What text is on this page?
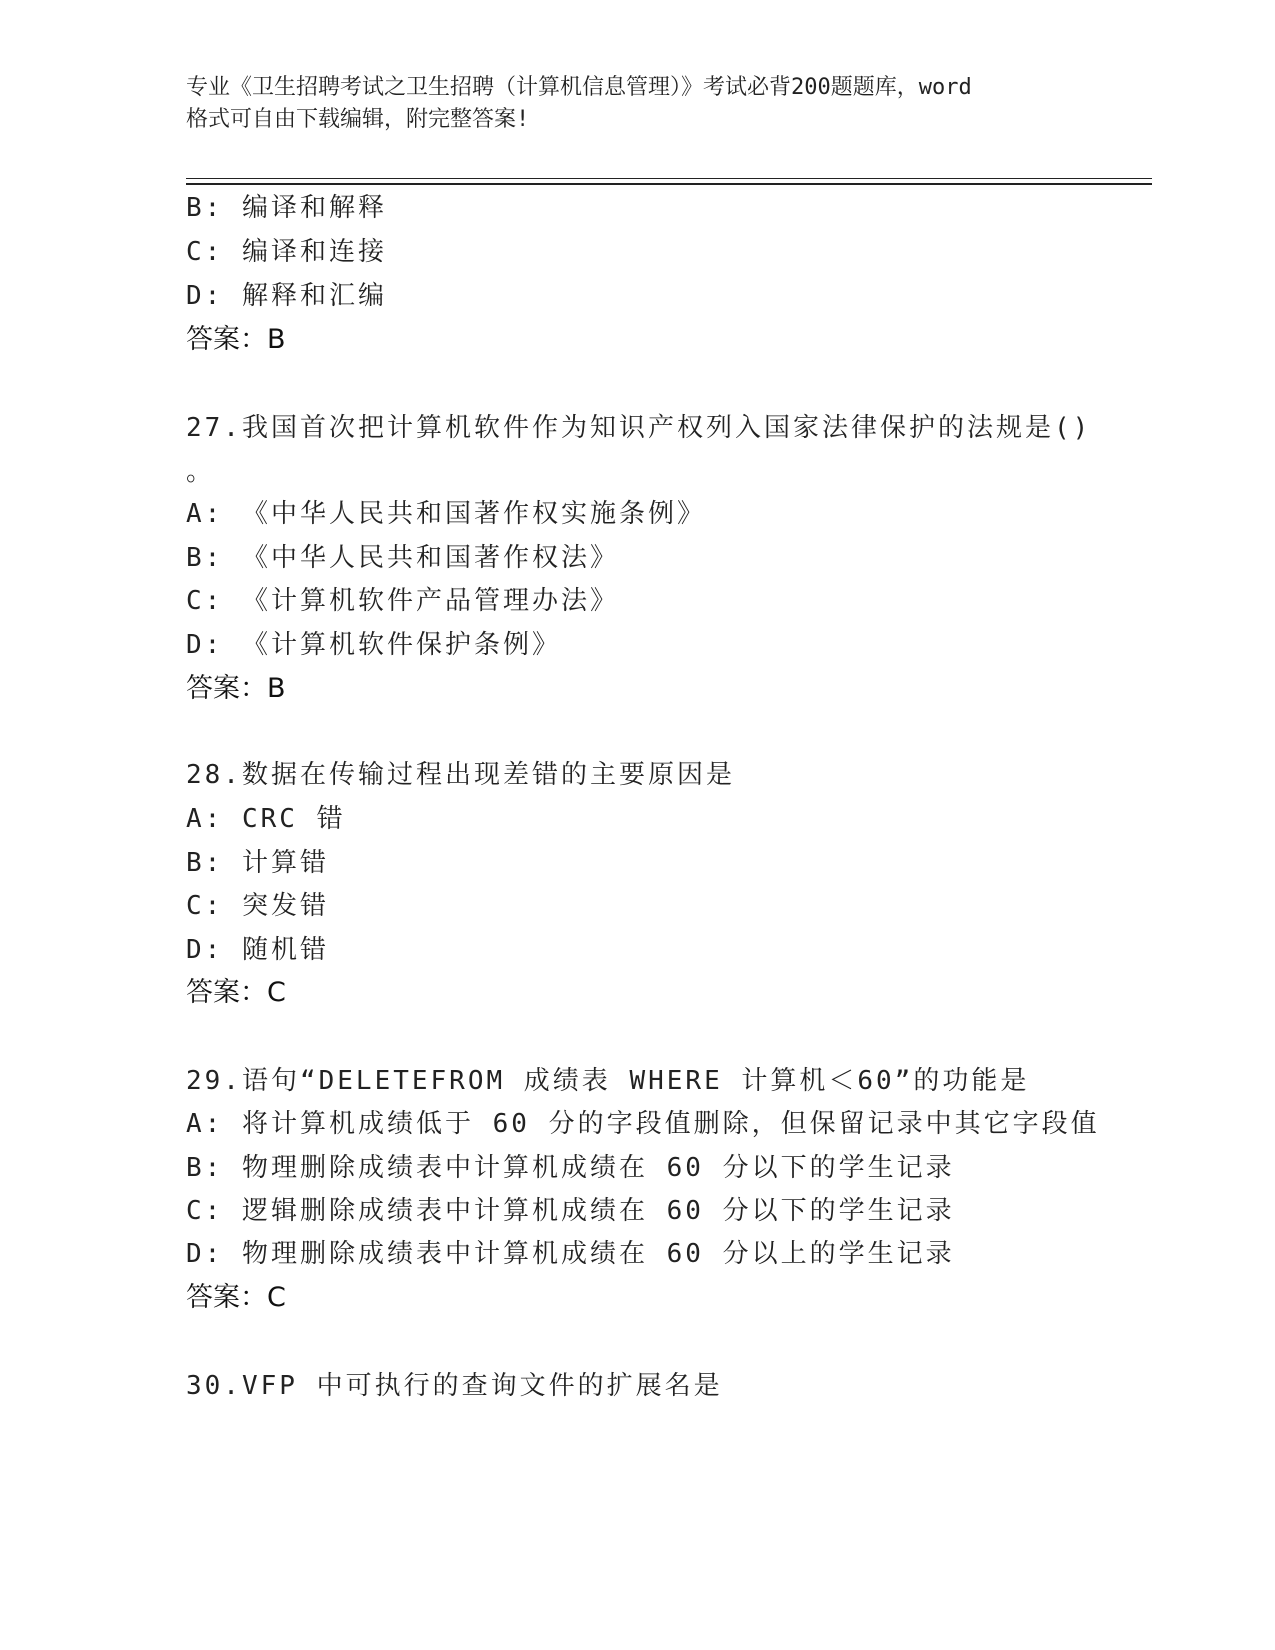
专业《卫生招聘考试之卫生招聘（计算机信息管理）》考试必背200题题库，word
格式可自由下载编辑，附完整答案!
B: 编译和解释
C: 编译和连接
D: 解释和汇编
答案：B
27.我国首次把计算机软件作为知识产权列入国家法律保护的法规是()
。
A: 《中华人民共和国著作权实施条例》
B: 《中华人民共和国著作权法》
C: 《计算机软件产品管理办法》
D: 《计算机软件保护条例》
答案：B
28.数据在传输过程出现差错的主要原因是
A: CRC 错
B: 计算错
C: 突发错
D: 随机错
答案：C
29.语句“DELETEFROM 成绩表 WHERE 计算机＜60”的功能是
A: 将计算机成绩低于 60 分的字段值删除，但保留记录中其它字段值
B: 物理删除成绩表中计算机成绩在 60 分以下的学生记录
C: 逻辑删除成绩表中计算机成绩在 60 分以下的学生记录
D: 物理删除成绩表中计算机成绩在 60 分以上的学生记录
答案：C
30.VFP 中可执行的查询文件的扩展名是
